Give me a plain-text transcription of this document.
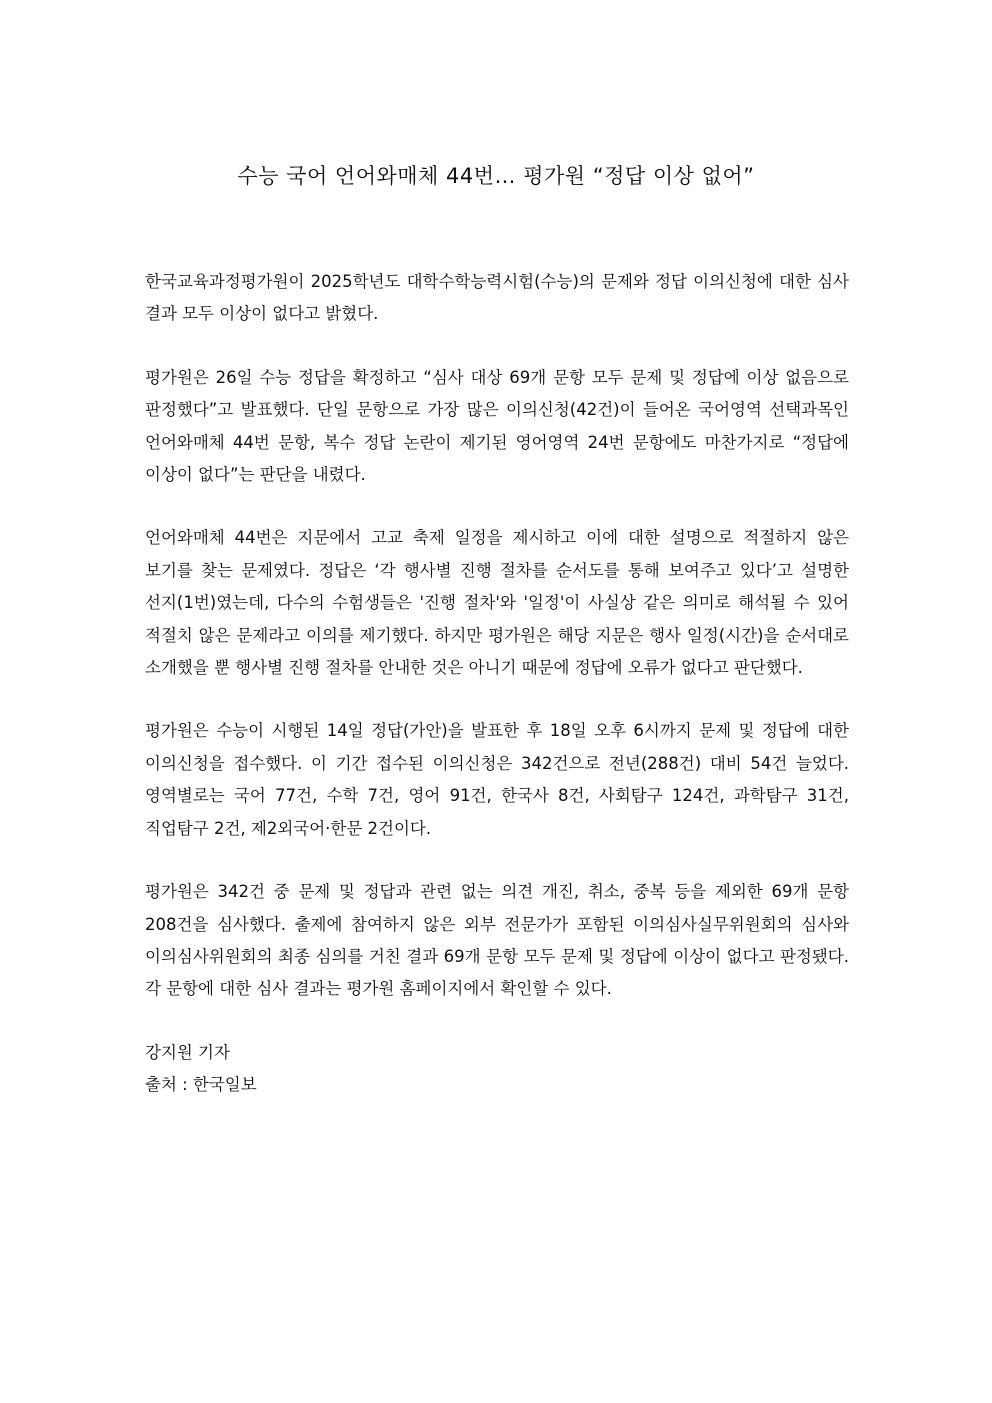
수능 국어 언어와매체 44번… 평가원 “정답 이상 없어”

한국교육과정평가원이 2025학년도 대학수학능력시험(수능)의 문제와 정답 이의신청에 대한 심사 결과 모두 이상이 없다고 밝혔다.

평가원은 26일 수능 정답을 확정하고 “심사 대상 69개 문항 모두 문제 및 정답에 이상 없음으로 판정했다”고 발표했다. 단일 문항으로 가장 많은 이의신청(42건)이 들어온 국어영역 선택과목인 언어와매체 44번 문항, 복수 정답 논란이 제기된 영어영역 24번 문항에도 마찬가지로 “정답에 이상이 없다”는 판단을 내렸다.

언어와매체 44번은 지문에서 고교 축제 일정을 제시하고 이에 대한 설명으로 적절하지 않은 보기를 찾는 문제였다. 정답은 ‘각 행사별 진행 절차를 순서도를 통해 보여주고 있다’고 설명한 선지(1번)였는데, 다수의 수험생들은 '진행 절차'와 '일정'이 사실상 같은 의미로 해석될 수 있어 적절치 않은 문제라고 이의를 제기했다. 하지만 평가원은 해당 지문은 행사 일정(시간)을 순서대로 소개했을 뿐 행사별 진행 절차를 안내한 것은 아니기 때문에 정답에 오류가 없다고 판단했다.

평가원은 수능이 시행된 14일 정답(가안)을 발표한 후 18일 오후 6시까지 문제 및 정답에 대한 이의신청을 접수했다. 이 기간 접수된 이의신청은 342건으로 전년(288건) 대비 54건 늘었다. 영역별로는 국어 77건, 수학 7건, 영어 91건, 한국사 8건, 사회탐구 124건, 과학탐구 31건, 직업탐구 2건, 제2외국어·한문 2건이다.

평가원은 342건 중 문제 및 정답과 관련 없는 의견 개진, 취소, 중복 등을 제외한 69개 문항 208건을 심사했다. 출제에 참여하지 않은 외부 전문가가 포함된 이의심사실무위원회의 심사와 이의심사위원회의 최종 심의를 거친 결과 69개 문항 모두 문제 및 정답에 이상이 없다고 판정됐다. 각 문항에 대한 심사 결과는 평가원 홈페이지에서 확인할 수 있다.

강지원 기자

출처 : 한국일보
